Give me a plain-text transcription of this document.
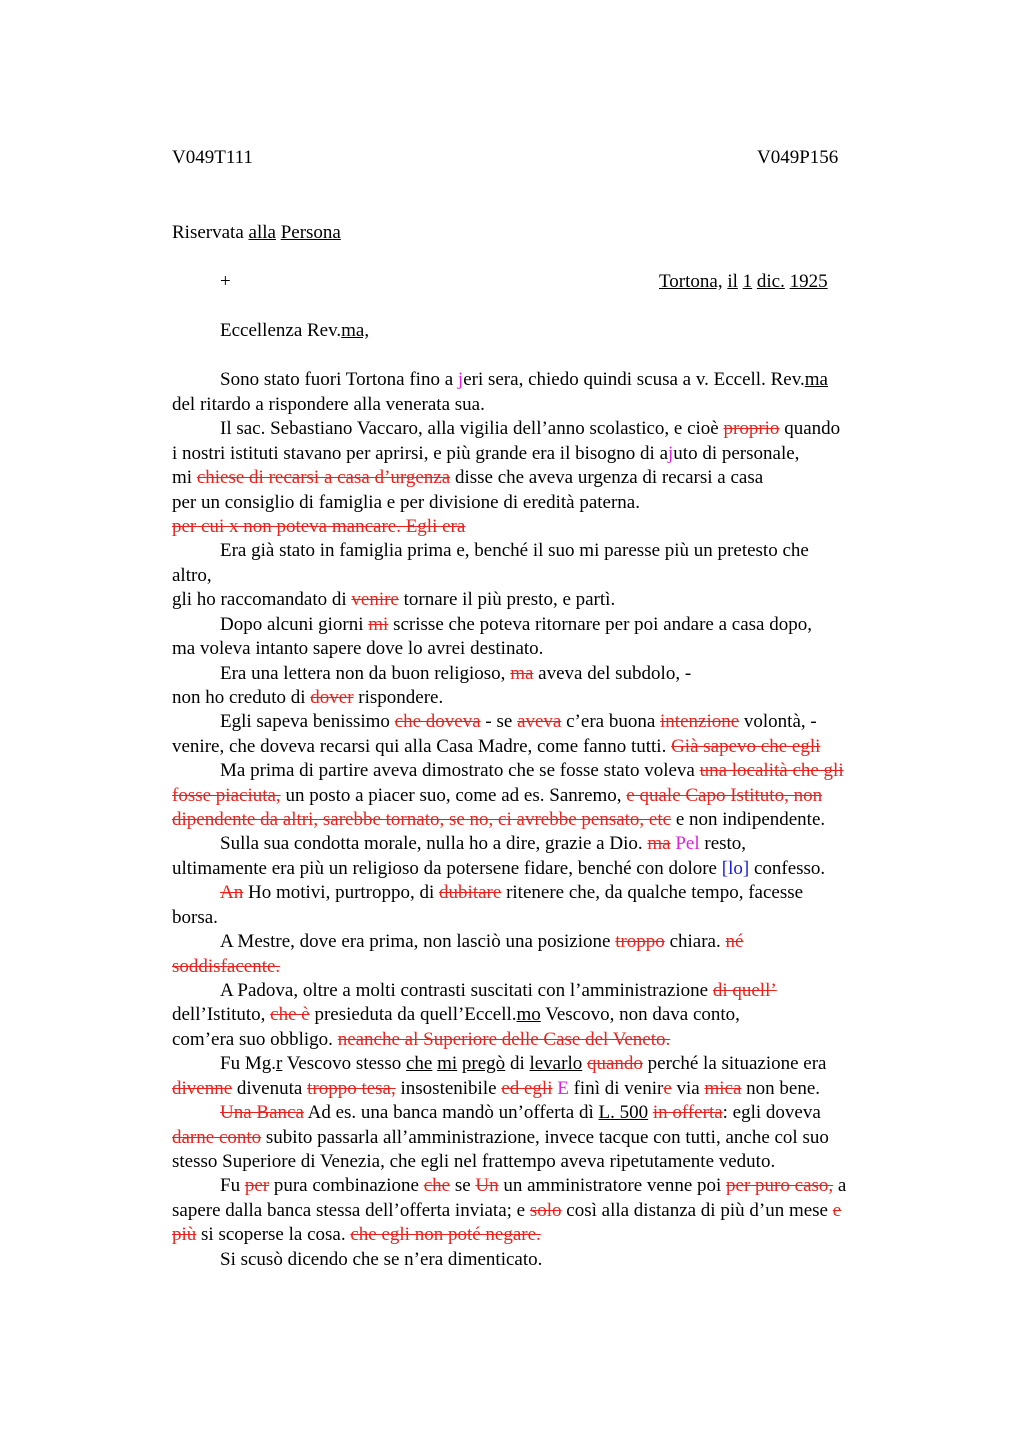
V049T111	V049P156
Riservata alla Persona
+	Tortona, il 1 dic. 1925
Eccellenza Rev.ma,
Sono stato fuori Tortona fino a jeri sera, chiedo quindi scusa a v. Eccell. Rev.ma
del ritardo a rispondere alla venerata sua.
Il sac. Sebastiano Vaccaro, alla vigilia dell’anno scolastico, e cioè proprio quando
i nostri istituti stavano per aprirsi, e più grande era il bisogno di ajuto di personale,
mi chiese di recarsi a casa d’urgenza disse che aveva urgenza di recarsi a casa
per un consiglio di famiglia e per divisione di eredità paterna.
per cui x non poteva mancare. Egli era
Era già stato in famiglia prima e, benché il suo mi paresse più un pretesto che
altro,
gli ho raccomandato di venire tornare il più presto, e partì.
Dopo alcuni giorni mi scrisse che poteva ritornare per poi andare a casa dopo,
ma voleva intanto sapere dove lo avrei destinato.
Era una lettera non da buon religioso, ma aveva del subdolo, -
non ho creduto di dover rispondere.
Egli sapeva benissimo che doveva - se aveva c’era buona intenzione volontà, -
venire, che doveva recarsi qui alla Casa Madre, come fanno tutti. Già sapevo che egli
Ma prima di partire aveva dimostrato che se fosse stato voleva una località che gli
fosse piaciuta, un posto a piacer suo, come ad es. Sanremo, e quale Capo Istituto, non
dipendente da altri, sarebbe tornato, se no, ci avrebbe pensato, etc e non indipendente.
Sulla sua condotta morale, nulla ho a dire, grazie a Dio. ma Pel resto,
ultimamente era più un religioso da potersene fidare, benché con dolore [lo] confesso.
An Ho motivi, purtroppo, di dubitare ritenere che, da qualche tempo, facesse
borsa.
A Mestre, dove era prima, non lasciò una posizione troppo chiara. né
soddisfacente.
A Padova, oltre a molti contrasti suscitati con l’amministrazione di quell’
dell’Istituto, che è presieduta da quell’Eccell.mo Vescovo, non dava conto,
com’era suo obbligo. neanche al Superiore delle Case del Veneto.
Fu Mg.r Vescovo stesso che mi pregò di levarlo quando perché la situazione era
divenne divenuta troppo tesa, insostenibile ed egli E finì di venire via mica non bene.
Una Banca Ad es. una banca mandò un’offerta dì L. 500 in offerta: egli doveva
darne conto subito passarla all’amministrazione, invece tacque con tutti, anche col suo
stesso Superiore di Venezia, che egli nel frattempo aveva ripetutamente veduto.
Fu per pura combinazione che se Un un amministratore venne poi per puro caso, a
sapere dalla banca stessa dell’offerta inviata; e solo così alla distanza di più d’un mese e
più si scoperse la cosa. che egli non poté negare.
Si scusò dicendo che se n’era dimenticato.
